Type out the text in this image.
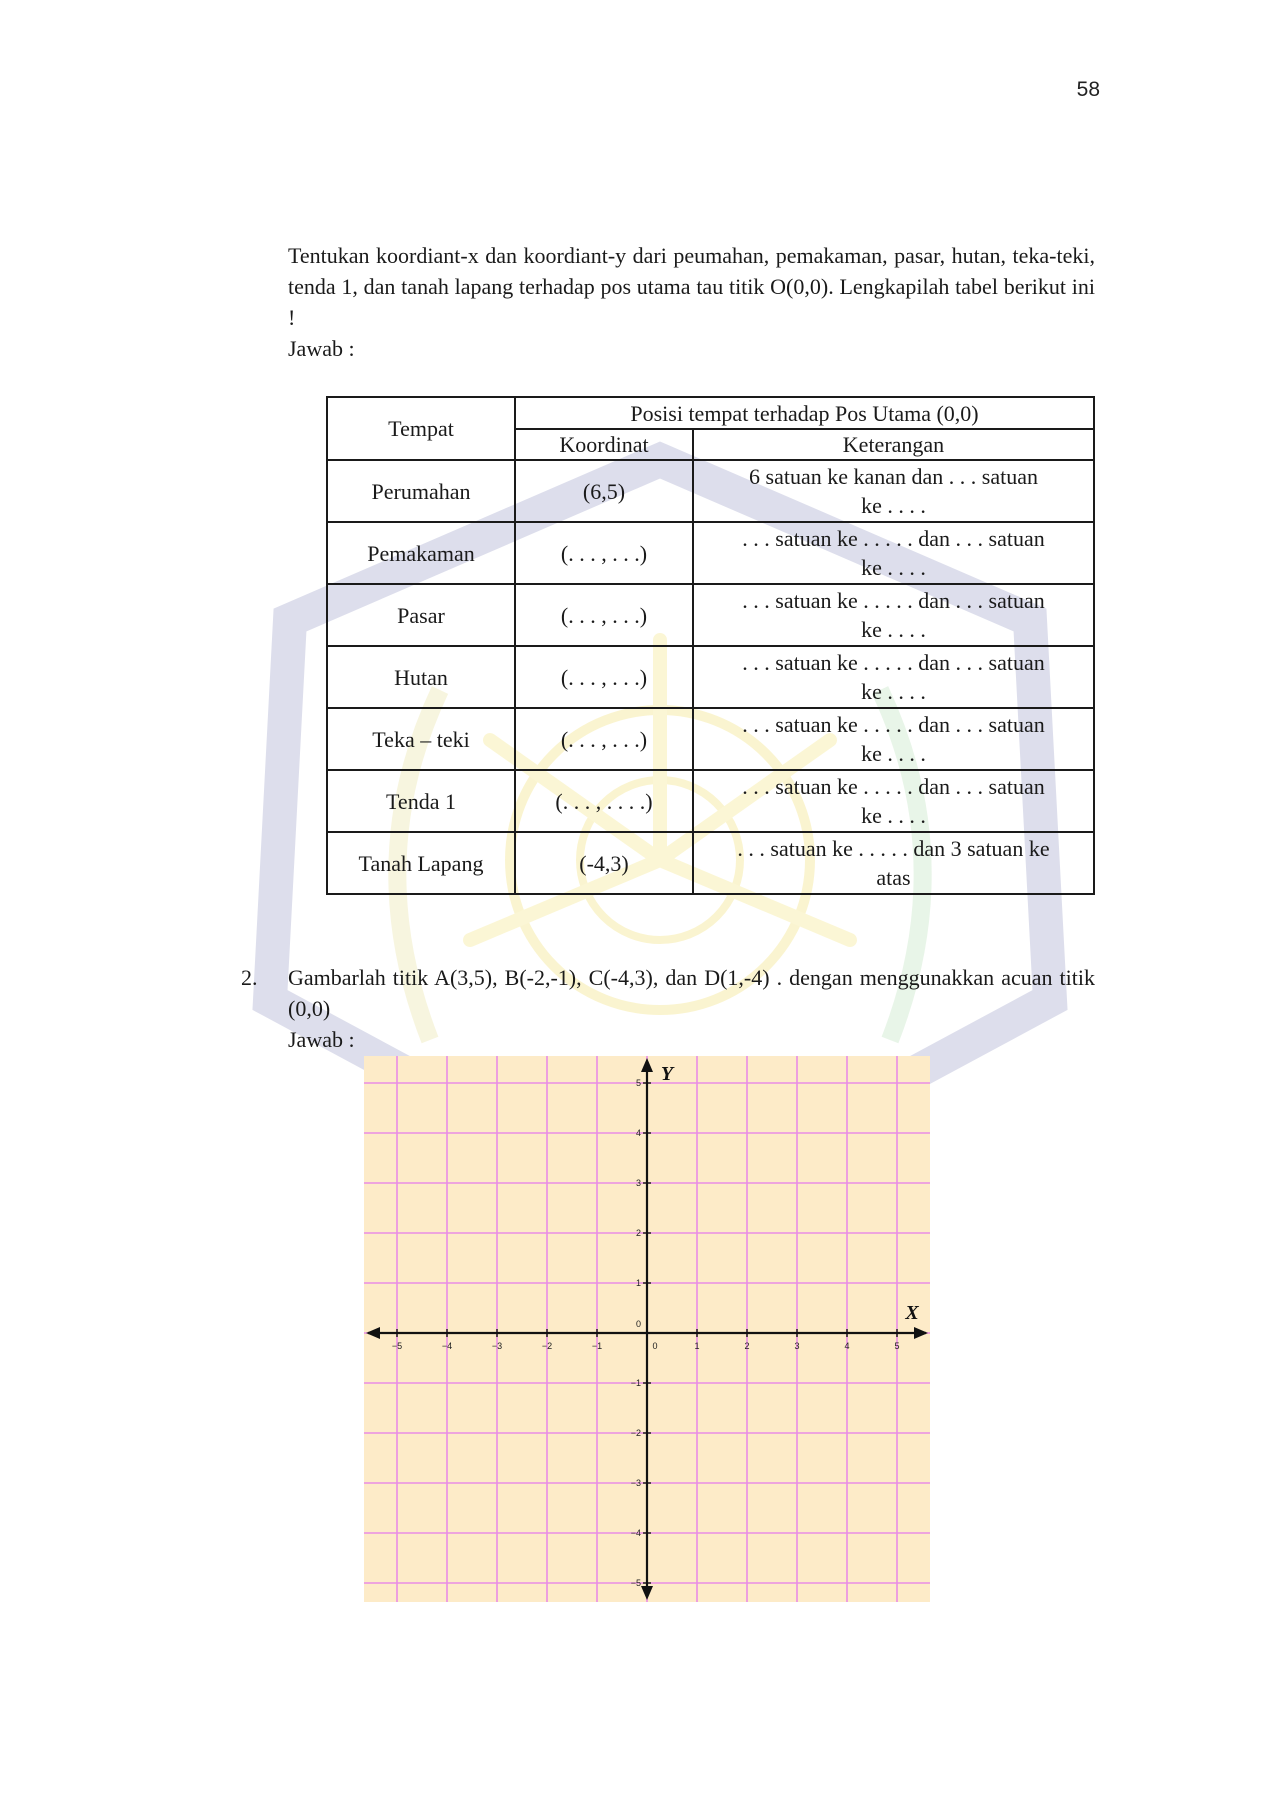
58
Tentukan koordiant-x dan koordiant-y dari peumahan, pemakaman, pasar, hutan, teka-teki, tenda 1, dan tanah lapang terhadap pos utama tau titik O(0,0). Lengkapilah tabel berikut ini !
Jawab :
Tempat	Posisi tempat terhadap Pos Utama (0,0)	
	Koordinat	Keterangan
Perumahan	(6,5)	6 satuan ke kanan dan . . . satuan
ke . . . .
Pemakaman	(. . . , . . .)	. . . satuan ke . . . . . dan . . . satuan
ke . . . .
Pasar	(. . . , . . .)	. . . satuan ke . . . . . dan . . . satuan
ke . . . .
Hutan	(. . . , . . .)	. . . satuan ke . . . . . dan . . . satuan
ke . . . .
Teka – teki	(. . . , . . .)	. . . satuan ke . . . . . dan . . . satuan
ke . . . .
Tenda 1	(. . . , . . . .)	. . . satuan ke . . . . . dan . . . satuan
ke . . . .
Tanah Lapang	(-4,3)	. . . satuan ke . . . . . dan 3 satuan ke
atas
2. Gambarlah titik A(3,5), B(-2,-1), C(-4,3), dan D(1,-4) . dengan menggunakkan acuan titik (0,0)
Jawab :
−5	−4	−3	−2	−1	0	1	2	3	4	5
5
4
3
2
1
0
−1
−2
−3
−4
−5
X
Y
